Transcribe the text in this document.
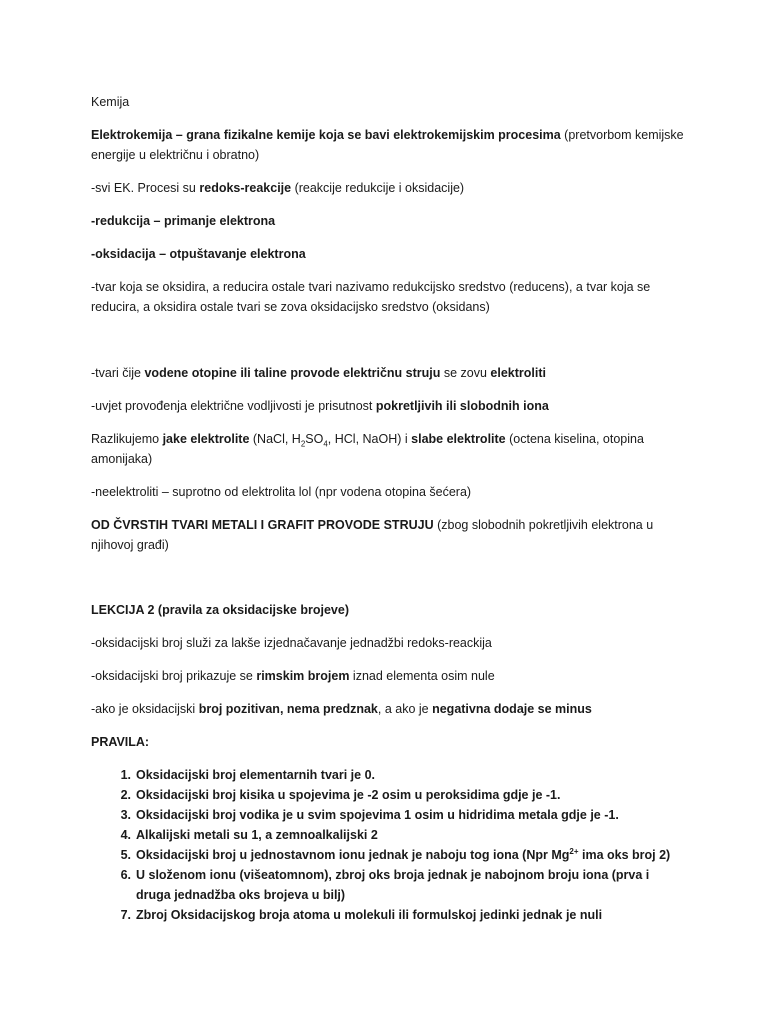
Kemija

Elektrokemija – grana fizikalne kemije koja se bavi elektrokemijskim procesima (pretvorbom kemijske energije u električnu i obratno)

-svi EK. Procesi su redoks-reakcije (reakcije redukcije i oksidacije)

-redukcija – primanje elektrona

-oksidacija – otpuštavanje elektrona

-tvar koja se oksidira, a reducira ostale tvari nazivamo redukcijsko sredstvo (reducens), a tvar koja se reducira, a oksidira ostale tvari se zova oksidacijsko sredstvo (oksidans)

-tvari čije vodene otopine ili taline provode električnu struju se zovu elektroliti

-uvjet provođenja električne vodljivosti je prisutnost pokretljivih ili slobodnih iona

Razlikujemo jake elektrolite (NaCl, $H_2SO_4$, HCl, NaOH) i slabe elektrolite (octena kiselina, otopina amonijaka)

-neelektroliti – suprotno od elektrolita lol (npr vodena otopina šećera)

OD ČVRSTIH TVARI METALI I GRAFIT PROVODE STRUJU (zbog slobodnih pokretljivih elektrona u njihovoj građi)

LEKCIJA 2 (pravila za oksidacijske brojeve)

-oksidacijski broj služi za lakše izjednačavanje jednadžbi redoks-reackija

-oksidacijski broj prikazuje se rimskim brojem iznad elementa osim nule

-ako je oksidacijski broj pozitivan, nema predznak, a ako je negativna dodaje se minus

PRAVILA:

1. Oksidacijski broj elementarnih tvari je 0.
2. Oksidacijski broj kisika u spojevima je -2 osim u peroksidima gdje je -1.
3. Oksidacijski broj vodika je u svim spojevima 1 osim u hidridima metala gdje je -1.
4. Alkalijski metali su 1, a zemnoalkalijski 2
5. Oksidacijski broj u jednostavnom ionu jednak je naboju tog iona (Npr $Mg^{2+}$ ima oks broj 2)
6. U složenom ionu (višeatomnom), zbroj oks broja jednak je nabojnom broju iona (prva i druga jednadžba oks brojeva u bilj)
7. Zbroj Oksidacijskog broja atoma u molekuli ili formulskoj jedinki jednak je nuli
